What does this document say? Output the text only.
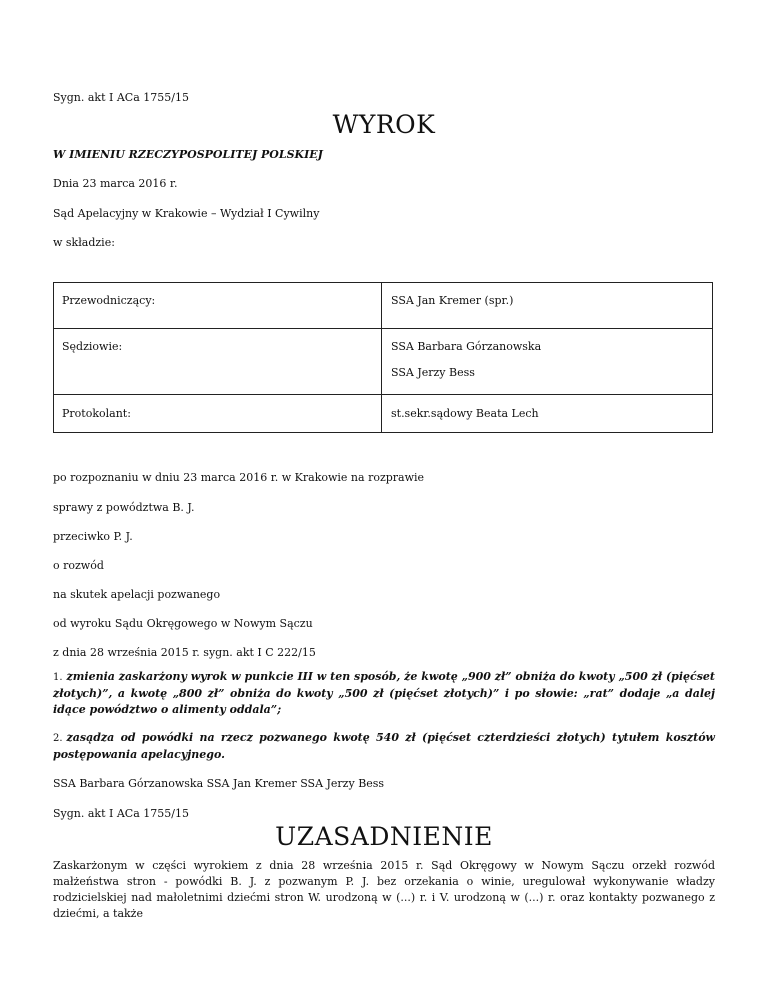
Sygn. akt I ACa 1755/15
WYROK
W IMIENIU RZECZYPOSPOLITEJ POLSKIEJ
Dnia 23 marca 2016 r.
Sąd Apelacyjny w Krakowie – Wydział I Cywilny
w składzie:
Przewodniczący:	SSA Jan Kremer (spr.)
Sędziowie:	SSA Barbara Górzanowska
SSA Jerzy Bess
Protokolant:	st.sekr.sądowy Beata Lech
po rozpoznaniu w dniu 23 marca 2016 r. w Krakowie na rozprawie
sprawy z powództwa B. J.
przeciwko P. J.
o rozwód
na skutek apelacji pozwanego
od wyroku Sądu Okręgowego w Nowym Sączu
z dnia 28 września 2015 r. sygn. akt I C 222/15
1. zmienia zaskarżony wyrok w punkcie III w ten sposób, że kwotę „900 zł” obniża do kwoty „500 zł (pięćset złotych)”, a kwotę „800 zł” obniża do kwoty „500 zł (pięćset złotych)” i po słowie: „rat” dodaje „a dalej idące powództwo o alimenty oddala”;
2. zasądza od powódki na rzecz pozwanego kwotę 540 zł (pięćset czterdzieści złotych) tytułem kosztów postępowania apelacyjnego.
SSA Barbara Górzanowska SSA Jan Kremer SSA Jerzy Bess
Sygn. akt I ACa 1755/15
UZASADNIENIE
Zaskarżonym w części wyrokiem z dnia 28 września 2015 r. Sąd Okręgowy w Nowym Sączu orzekł rozwód małżeństwa stron - powódki B. J. z pozwanym P. J. bez orzekania o winie, uregulował wykonywanie władzy rodzicielskiej nad małoletnimi dziećmi stron W. urodzoną w (...) r. i V. urodzoną w (...) r. oraz kontakty pozwanego z dziećmi, a także
